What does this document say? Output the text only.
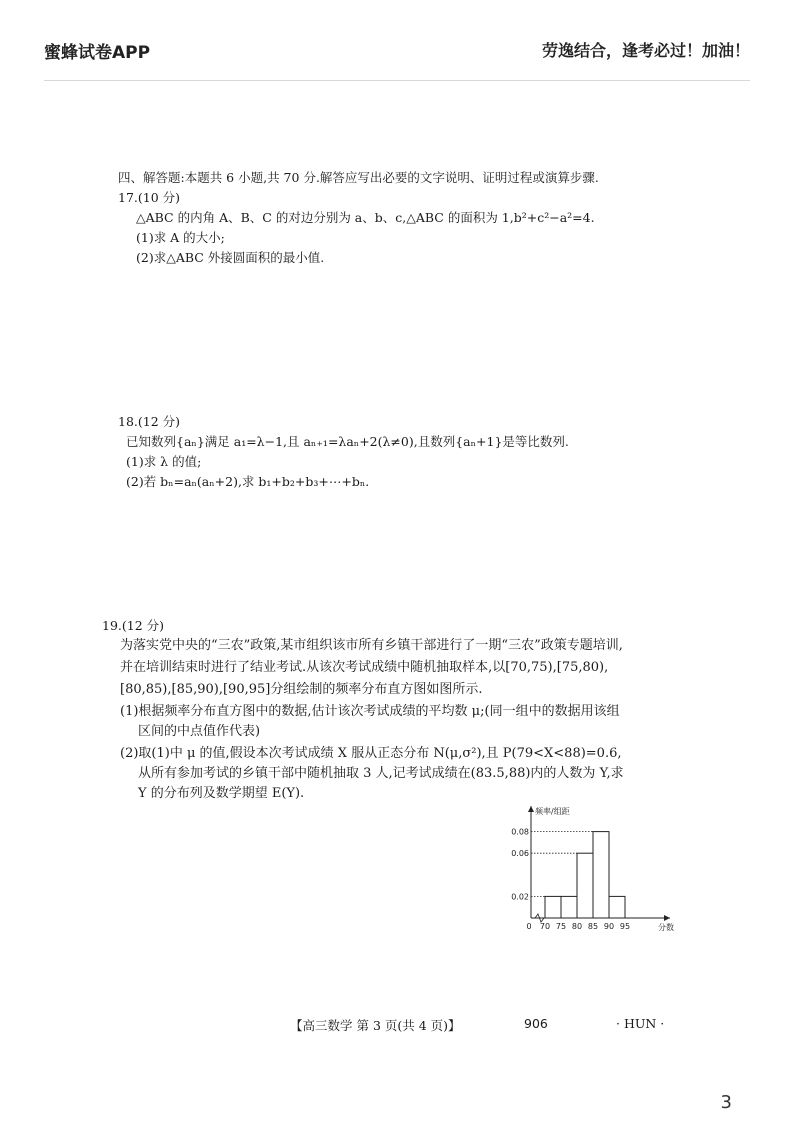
蜜蜂试卷APP	劳逸结合，逢考必过！加油！
四、解答题:本题共 6 小题,共 70 分.解答应写出必要的文字说明、证明过程或演算步骤.
17.(10 分)
△ABC 的内角 A、B、C 的对边分别为 a、b、c,△ABC 的面积为 1,b²+c²−a²=4.
(1)求 A 的大小;
(2)求△ABC 外接圆面积的最小值.
18.(12 分)
已知数列{aₙ}满足 a₁=λ−1,且 aₙ₊₁=λaₙ+2(λ≠0),且数列{aₙ+1}是等比数列.
(1)求 λ 的值;
(2)若 bₙ=aₙ(aₙ+2),求 b₁+b₂+b₃+⋯+bₙ.
19.(12 分)
为落实党中央的“三农”政策,某市组织该市所有乡镇干部进行了一期“三农”政策专题培训,
并在培训结束时进行了结业考试.从该次考试成绩中随机抽取样本,以[70,75),[75,80),
[80,85),[85,90),[90,95]分组绘制的频率分布直方图如图所示.
(1)根据频率分布直方图中的数据,估计该次考试成绩的平均数 μ;(同一组中的数据用该组
区间的中点值作代表)
(2)取(1)中 μ 的值,假设本次考试成绩 X 服从正态分布 N(μ,σ²),且 P(79<X<88)=0.6,
从所有参加考试的乡镇干部中随机抽取 3 人,记考试成绩在(83.5,88)内的人数为 Y,求
Y 的分布列及数学期望 E(Y).
频率/组距
0.02
0.06
0.08
0 70 75 80 85 90 95	分数
【高三数学 第 3 页(共 4 页)】	906	· HUN ·
3
